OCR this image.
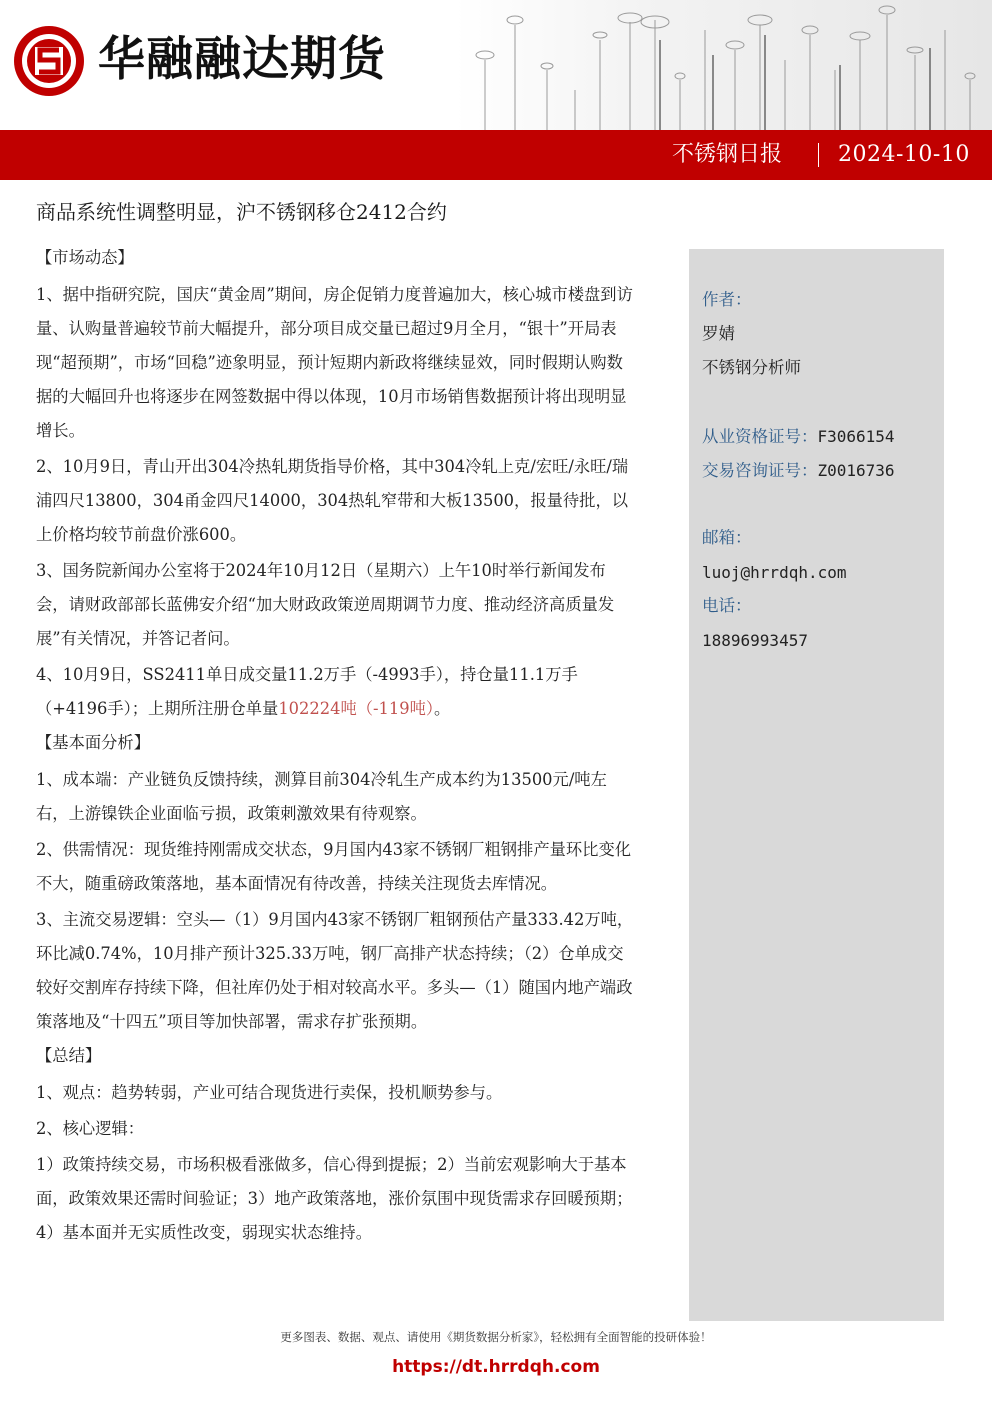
华融融达期货
不锈钢日报	2024-10-10
商品系统性调整明显，沪不锈钢移仓2412合约
【市场动态】

1、据中指研究院，国庆“黄金周”期间，房企促销力度普遍加大，核心城市楼盘到访量、认购量普遍较节前大幅提升，部分项目成交量已超过9月全月，“银十”开局表现“超预期”，市场“回稳”迹象明显，预计短期内新政将继续显效，同时假期认购数据的大幅回升也将逐步在网签数据中得以体现，10月市场销售数据预计将出现明显增长。

2、10月9日，青山开出304冷热轧期货指导价格，其中304冷轧上克/宏旺/永旺/瑞浦四尺13800，304甬金四尺14000，304热轧窄带和大板13500，报量待批，以上价格均较节前盘价涨600。

3、国务院新闻办公室将于2024年10月12日（星期六）上午10时举行新闻发布会，请财政部部长蓝佛安介绍“加大财政政策逆周期调节力度、推动经济高质量发展”有关情况，并答记者问。

4、10月9日，SS2411单日成交量11.2万手（-4993手），持仓量11.1万手（+4196手）；上期所注册仓单量102224吨（-119吨）。

【基本面分析】

1、成本端：产业链负反馈持续，测算目前304冷轧生产成本约为13500元/吨左右，上游镍铁企业面临亏损，政策刺激效果有待观察。

2、供需情况：现货维持刚需成交状态，9月国内43家不锈钢厂粗钢排产量环比变化不大，随重磅政策落地，基本面情况有待改善，持续关注现货去库情况。

3、主流交易逻辑：空头—（1）9月国内43家不锈钢厂粗钢预估产量333.42万吨，环比减0.74%，10月排产预计325.33万吨，钢厂高排产状态持续；（2）仓单成交较好交割库存持续下降，但社库仍处于相对较高水平。多头—（1）随国内地产端政策落地及“十四五”项目等加快部署，需求存扩张预期。

【总结】

1、观点：趋势转弱，产业可结合现货进行卖保，投机顺势参与。

2、核心逻辑：

1）政策持续交易，市场积极看涨做多，信心得到提振；2）当前宏观影响大于基本面，政策效果还需时间验证；3）地产政策落地，涨价氛围中现货需求存回暖预期；4）基本面并无实质性改变，弱现实状态维持。

作者：
罗婧
不锈钢分析师
从业资格证号：F3066154
交易咨询证号：Z0016736
邮箱：
luoj@hrrdqh.com
电话：
18896993457
更多图表、数据、观点、请使用《期货数据分析家》，轻松拥有全面智能的投研体验！
https://dt.hrrdqh.com
